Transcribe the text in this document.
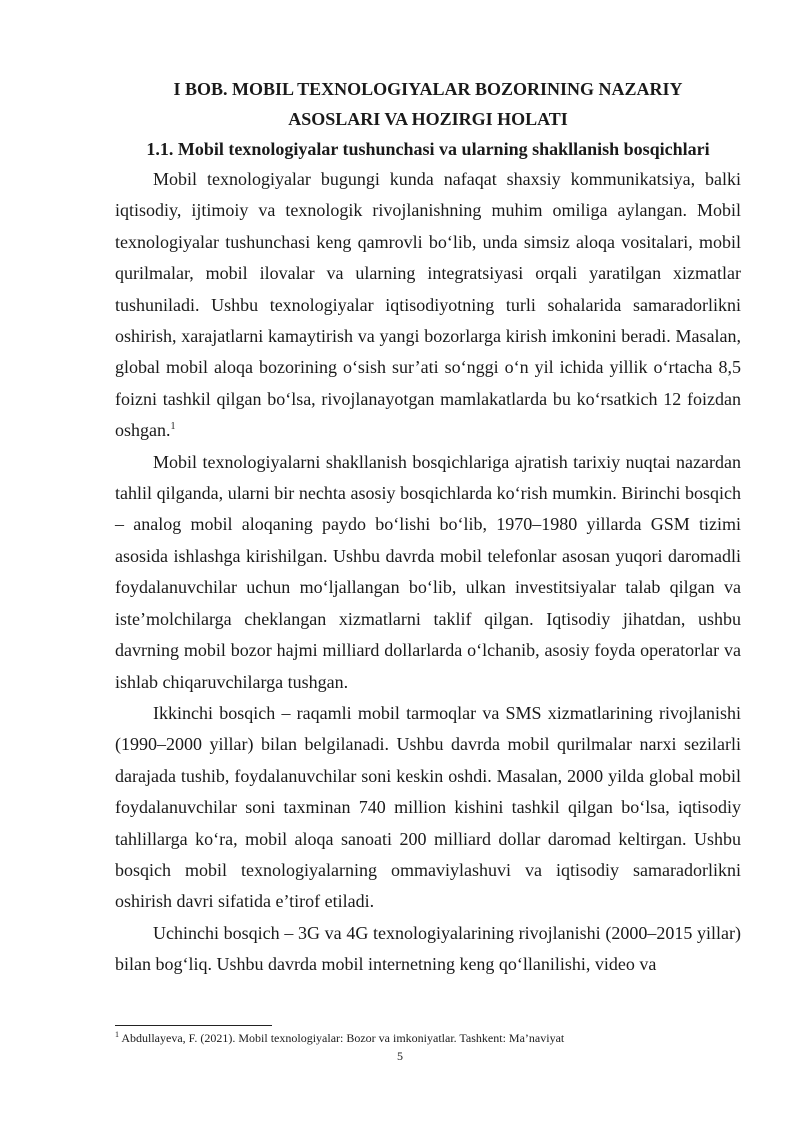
I BOB. MOBIL TEXNOLOGIYALAR BOZORINING NAZARIY
ASOSLARI VA HOZIRGI HOLATI
1.1. Mobil texnologiyalar tushunchasi va ularning shakllanish bosqichlari

Mobil texnologiyalar bugungi kunda nafaqat shaxsiy kommunikatsiya, balki iqtisodiy, ijtimoiy va texnologik rivojlanishning muhim omiliga aylangan. Mobil texnologiyalar tushunchasi keng qamrovli bo‘lib, unda simsiz aloqa vositalari, mobil qurilmalar, mobil ilovalar va ularning integratsiyasi orqali yaratilgan xizmatlar tushuniladi. Ushbu texnologiyalar iqtisodiyotning turli sohalarida samaradorlikni oshirish, xarajatlarni kamaytirish va yangi bozorlarga kirish imkonini beradi. Masalan, global mobil aloqa bozorining o‘sish sur’ati so‘nggi o‘n yil ichida yillik o‘rtacha 8,5 foizni tashkil qilgan bo‘lsa, rivojlanayotgan mamlakatlarda bu ko‘rsatkich 12 foizdan oshgan.$^1$

Mobil texnologiyalarni shakllanish bosqichlariga ajratish tarixiy nuqtai nazardan tahlil qilganda, ularni bir nechta asosiy bosqichlarda ko‘rish mumkin. Birinchi bosqich – analog mobil aloqaning paydo bo‘lishi bo‘lib, 1970–1980 yillarda GSM tizimi asosida ishlashga kirishilgan. Ushbu davrda mobil telefonlar asosan yuqori daromadli foydalanuvchilar uchun mo‘ljallangan bo‘lib, ulkan investitsiyalar talab qilgan va iste’molchilarga cheklangan xizmatlarni taklif qilgan. Iqtisodiy jihatdan, ushbu davrning mobil bozor hajmi milliard dollarlarda o‘lchanib, asosiy foyda operatorlar va ishlab chiqaruvchilarga tushgan.

Ikkinchi bosqich – raqamli mobil tarmoqlar va SMS xizmatlarining rivojlanishi (1990–2000 yillar) bilan belgilanadi. Ushbu davrda mobil qurilmalar narxi sezilarli darajada tushib, foydalanuvchilar soni keskin oshdi. Masalan, 2000 yilda global mobil foydalanuvchilar soni taxminan 740 million kishini tashkil qilgan bo‘lsa, iqtisodiy tahlillarga ko‘ra, mobil aloqa sanoati 200 milliard dollar daromad keltirgan. Ushbu bosqich mobil texnologiyalarning ommaviylashuvi va iqtisodiy samaradorlikni oshirish davri sifatida e’tirof etiladi.

Uchinchi bosqich – 3G va 4G texnologiyalarining rivojlanishi (2000–2015 yillar) bilan bog‘liq. Ushbu davrda mobil internetning keng qo‘llanilishi, video va

$^1$ Abdullayeva, F. (2021). Mobil texnologiyalar: Bozor va imkoniyatlar. Tashkent: Ma’naviyat
5
